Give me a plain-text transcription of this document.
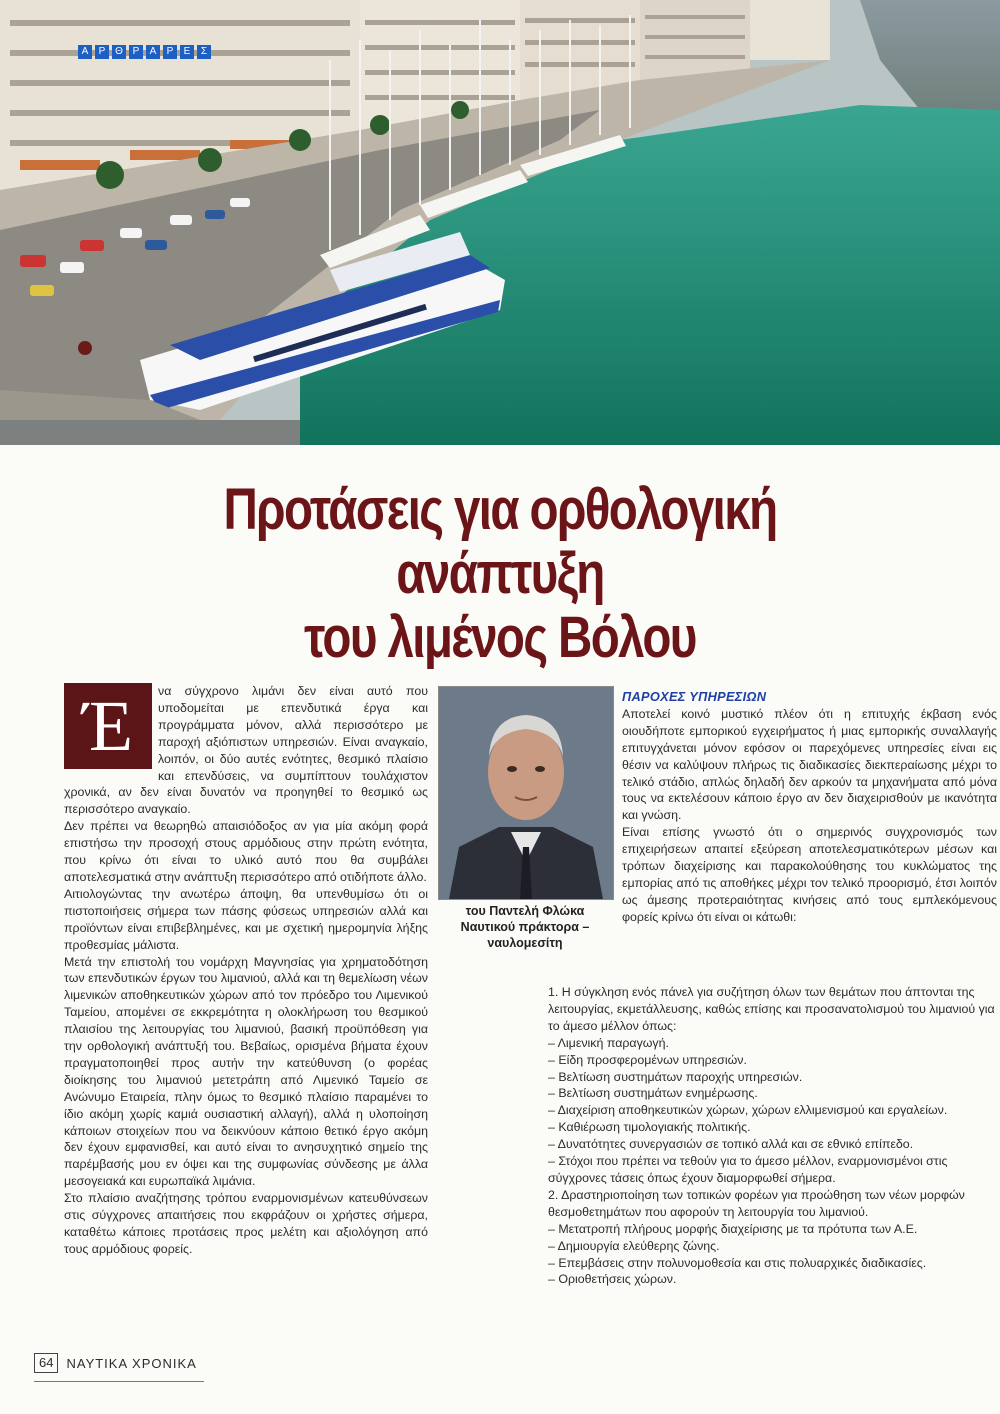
Α	Ρ Θ Ρ	Α	Ρ	Ε	Σ
Προτάσεις για ορθολογική ανάπτυξη
του λιμένος Βόλου
Έ	να σύγχρονο λιμάνι δεν είναι αυτό που υποδομείται με επενδυτικά έργα και προγράμματα μόνον, αλλά περισσότερο με παροχή αξιόπιστων υπηρεσιών. Είναι αναγκαίο, λοιπόν, οι δύο αυτές ενότητες, θεσμικό πλαίσιο και επενδύσεις, να συμπίπτουν τουλάχιστον χρονικά, αν δεν είναι δυνατόν να προηγηθεί το θεσμικό ως περισσότερο αναγκαίο.

Δεν πρέπει να θεωρηθώ απαισιόδοξος αν για μία ακόμη φορά επιστήσω την προσοχή στους αρμόδιους στην πρώτη ενότητα, που κρίνω ότι είναι το υλικό αυτό που θα συμβάλει αποτελεσματικά στην ανάπτυξη περισσότερο από οτιδήποτε άλλο.

Αιτιολογώντας την ανωτέρω άποψη, θα υπενθυμίσω ότι οι πιστοποιήσεις σήμερα των πάσης φύσεως υπηρεσιών αλλά και προϊόντων είναι επιβεβλημένες, και με σχετική ημερομηνία λήξης προθεσμίας μάλιστα.

Μετά την επιστολή του νομάρχη Μαγνησίας για χρηματοδότηση των επενδυτικών έργων του λιμανιού, αλλά και τη θεμελίωση νέων λιμενικών αποθηκευτικών χώρων από τον πρόεδρο του Λιμενικού Ταμείου, απομένει σε εκκρεμότητα η ολοκλήρωση του θεσμικού πλαισίου της λειτουργίας του λιμανιού, βασική προϋπόθεση για την ορθολογική ανάπτυξή του. Βεβαίως, ορισμένα βήματα έχουν πραγματοποιηθεί προς αυτήν την κατεύθυνση (ο φορέας διοίκησης του λιμανιού μετετράπη από Λιμενικό Ταμείο σε Ανώνυμο Εταιρεία, πλην όμως το θεσμικό πλαίσιο παραμένει το ίδιο ακόμη χωρίς καμιά ουσιαστική αλλαγή), αλλά η υλοποίηση κάποιων στοιχείων που να δεικνύουν κάποιο θετικό έργο ακόμη δεν έχουν εμφανισθεί, και αυτό είναι το ανησυχητικό σημείο της παρέμβασής μου εν όψει και της συμφωνίας σύνδεσης με άλλα μεσογειακά και ευρωπαϊκά λιμάνια.

Στο πλαίσιο αναζήτησης τρόπου εναρμονισμένων κατευθύνσεων στις σύγχρονες απαιτήσεις που εκφράζουν οι χρήστες σήμερα, καταθέτω κάποιες προτάσεις προς μελέτη και αξιολόγηση από τους αρμόδιους φορείς.

του Παντελή Φλώκα
Ναυτικού πράκτορα –
ναυλομεσίτη
ΠΑΡΟΧΕΣ ΥΠΗΡΕΣΙΩΝ

Αποτελεί κοινό μυστικό πλέον ότι η επιτυχής έκβαση ενός οιουδήποτε εμπορικού εγχειρήματος ή μιας εμπορικής συναλλαγής επιτυγχάνεται μόνον εφόσον οι παρεχόμενες υπηρεσίες είναι εις θέσιν να καλύψουν πλήρως τις διαδικασίες διεκπεραίωσης μέχρι το τελικό στάδιο, απλώς δηλαδή δεν αρκούν τα μηχανήματα από μόνα τους να εκτελέσουν κάποιο έργο αν δεν διαχειρισθούν με ικανότητα και γνώση.

Είναι επίσης γνωστό ότι ο σημερινός συγχρονισμός των επιχειρήσεων απαιτεί εξεύρεση αποτελεσματικότερων μέσων και τρόπων διαχείρισης και παρακολούθησης του κυκλώματος της εμπορίας από τις αποθήκες μέχρι τον τελικό προορισμό, έτσι λοιπόν ως άμεσης προτεραιότητας κινήσεις από τους εμπλεκόμενους φορείς κρίνω ότι είναι οι κάτωθι:

1. Η σύγκληση ενός πάνελ για συζήτηση όλων των θεμάτων που άπτονται της λειτουργίας, εκμετάλλευσης, καθώς επίσης και προσανατολισμού του λιμανιού για το άμεσο μέλλον όπως:

– Λιμενική παραγωγή.

– Είδη προσφερομένων υπηρεσιών.

– Βελτίωση συστημάτων παροχής υπηρεσιών.

– Βελτίωση συστημάτων ενημέρωσης.

– Διαχείριση αποθηκευτικών χώρων, χώρων ελλιμενισμού και εργαλείων.

– Καθιέρωση τιμολογιακής πολιτικής.

– Δυνατότητες συνεργασιών σε τοπικό αλλά και σε εθνικό επίπεδο.

– Στόχοι που πρέπει να τεθούν για το άμεσο μέλλον, εναρμονισμένοι στις σύγχρονες τάσεις όπως έχουν διαμορφωθεί σήμερα.

2. Δραστηριοποίηση των τοπικών φορέων για προώθηση των νέων μορφών θεσμοθετημάτων που αφορούν τη λειτουργία του λιμανιού.

– Μετατροπή πλήρους μορφής διαχείρισης με τα πρότυπα των Α.Ε.

– Δημιουργία ελεύθερης ζώνης.

– Επεμβάσεις στην πολυνομοθεσία και στις πολυαρχικές διαδικασίες.

– Οριοθετήσεις χώρων.

64	ΝΑΥΤΙΚΑ ΧΡΟΝΙΚΑ
